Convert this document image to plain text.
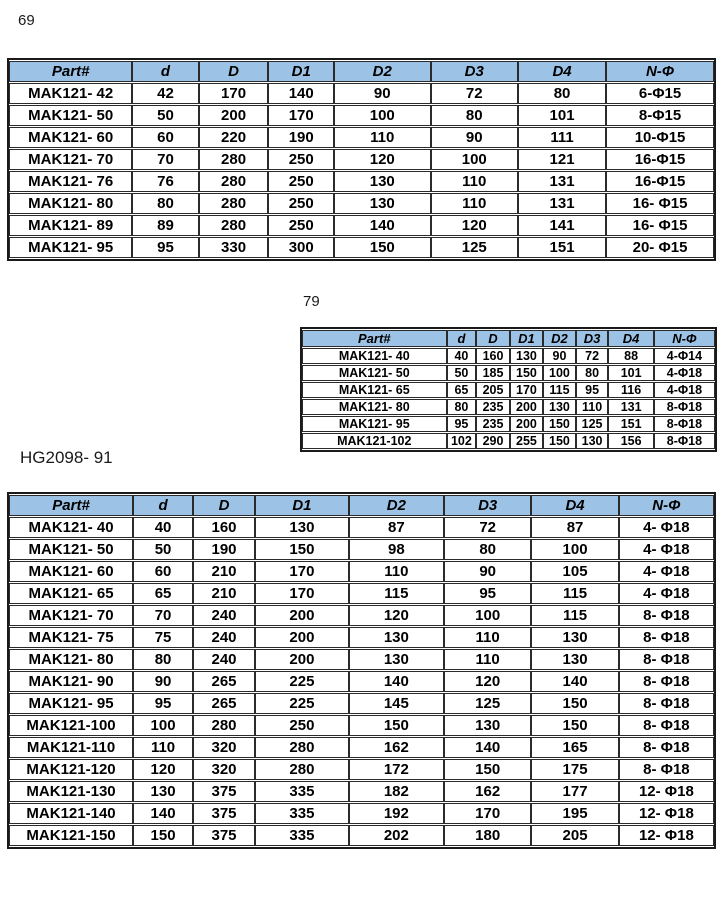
69
Part#	d	D	D1	D2	D3	D4	N-Φ
MAK121- 42	42	170	140	90	72	80	6-Φ15
MAK121- 50	50	200	170	100	80	101	8-Φ15
MAK121- 60	60	220	190	110	90	111	10-Φ15
MAK121- 70	70	280	250	120	100	121	16-Φ15
MAK121- 76	76	280	250	130	110	131	16-Φ15
MAK121- 80	80	280	250	130	110	131	16- Φ15
MAK121- 89	89	280	250	140	120	141	16- Φ15
MAK121- 95	95	330	300	150	125	151	20- Φ15
79
Part#	d	D	D1	D2	D3	D4	N-Φ
MAK121- 40	40	160	130	90	72	88	4-Φ14
MAK121- 50	50	185	150	100	80	101	4-Φ18
MAK121- 65	65	205	170	115	95	116	4-Φ18
MAK121- 80	80	235	200	130	110	131	8-Φ18
MAK121- 95	95	235	200	150	125	151	8-Φ18
MAK121-102	102	290	255	150	130	156	8-Φ18
HG2098- 91
Part#	d	D	D1	D2	D3	D4	N-Φ
MAK121- 40	40	160	130	87	72	87	4- Φ18
MAK121- 50	50	190	150	98	80	100	4- Φ18
MAK121- 60	60	210	170	110	90	105	4- Φ18
MAK121- 65	65	210	170	115	95	115	4- Φ18
MAK121- 70	70	240	200	120	100	115	8- Φ18
MAK121- 75	75	240	200	130	110	130	8- Φ18
MAK121- 80	80	240	200	130	110	130	8- Φ18
MAK121- 90	90	265	225	140	120	140	8- Φ18
MAK121- 95	95	265	225	145	125	150	8- Φ18
MAK121-100	100	280	250	150	130	150	8- Φ18
MAK121-110	110	320	280	162	140	165	8- Φ18
MAK121-120	120	320	280	172	150	175	8- Φ18
MAK121-130	130	375	335	182	162	177	12- Φ18
MAK121-140	140	375	335	192	170	195	12- Φ18
MAK121-150	150	375	335	202	180	205	12- Φ18
